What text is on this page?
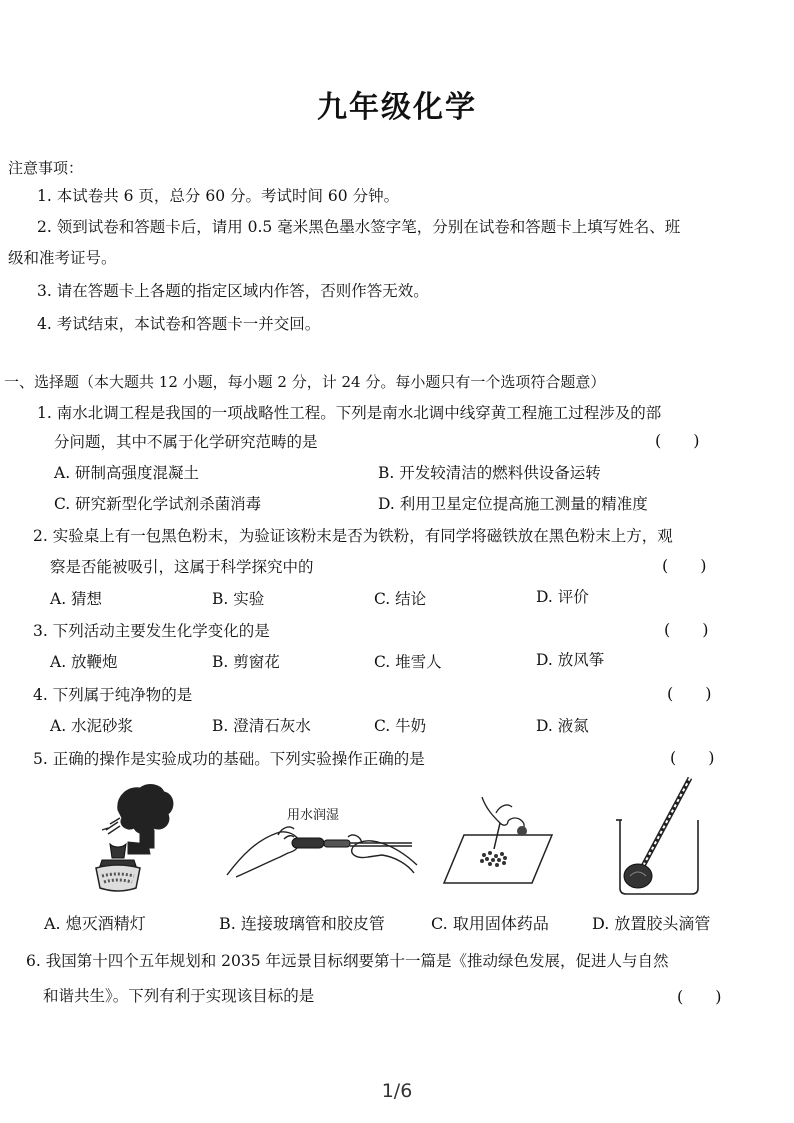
九年级化学
注意事项：
1. 本试卷共 6 页，总分 60 分。考试时间 60 分钟。
2. 领到试卷和答题卡后，请用 0.5 毫米黑色墨水签字笔，分别在试卷和答题卡上填写姓名、班
级和准考证号。
3. 请在答题卡上各题的指定区域内作答，否则作答无效。
4. 考试结束，本试卷和答题卡一并交回。
一、选择题（本大题共 12 小题，每小题 2 分，计 24 分。每小题只有一个选项符合题意）
1. 南水北调工程是我国的一项战略性工程。下列是南水北调中线穿黄工程施工过程涉及的部
分问题，其中不属于化学研究范畴的是	(　　)
A. 研制高强度混凝土	B. 开发较清洁的燃料供设备运转
C. 研究新型化学试剂杀菌消毒	D. 利用卫星定位提高施工测量的精准度
2. 实验桌上有一包黑色粉末，为验证该粉末是否为铁粉，有同学将磁铁放在黑色粉末上方，观
察是否能被吸引，这属于科学探究中的	(　　)
A. 猜想	B. 实验	C. 结论	D. 评价
3. 下列活动主要发生化学变化的是	(　　)
A. 放鞭炮	B. 剪窗花	C. 堆雪人	D. 放风筝
4. 下列属于纯净物的是	(　　)
A. 水泥砂浆	B. 澄清石灰水	C. 牛奶	D. 液氮
5. 正确的操作是实验成功的基础。下列实验操作正确的是	(　　)
用水润湿
A. 熄灭酒精灯	B. 连接玻璃管和胶皮管	C. 取用固体药品	D. 放置胶头滴管
6. 我国第十四个五年规划和 2035 年远景目标纲要第十一篇是《推动绿色发展，促进人与自然
和谐共生》。下列有利于实现该目标的是	(　　)
1/6
